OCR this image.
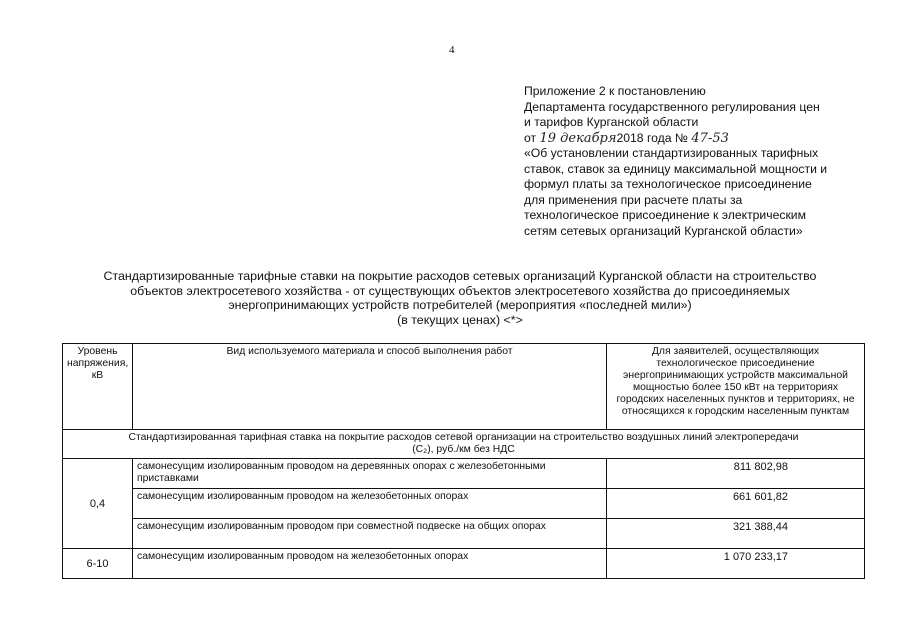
4
Приложение 2 к постановлению
Департамента государственного регулирования цен
и тарифов Курганской области
от 19 декабря2018 года № 47-53
«Об установлении стандартизированных тарифных
ставок, ставок за единицу максимальной мощности и
формул платы за технологическое присоединение
для применения при расчете платы за
технологическое присоединение к электрическим
сетям сетевых организаций Курганской области»
Стандартизированные тарифные ставки на покрытие расходов сетевых организаций Курганской области на строительство
объектов электросетевого хозяйства - от существующих объектов электросетевого хозяйства до присоединяемых
энергопринимающих устройств потребителей (мероприятия «последней мили»)
(в текущих ценах) <*>
Уровень напряжения, кВ	Вид используемого материала и способ выполнения работ	Для заявителей, осуществляющих технологическое присоединение энергопринимающих устройств максимальной мощностью более 150 кВт на территориях городских населенных пунктов и территориях, не относящихся к городским населенным пунктам

Стандартизированная тарифная ставка на покрытие расходов сетевой организации на строительство воздушных линий электропередачи
(C₂), руб./км без НДС		

0,4	самонесущим изолированным проводом на деревянных опорах с железобетонными приставками	811 802,98
	самонесущим изолированным проводом на железобетонных опорах	661 601,82
	самонесущим изолированным проводом при совместной подвеске на общих опорах	321 388,44
6-10	самонесущим изолированным проводом на железобетонных опорах	1 070 233,17
